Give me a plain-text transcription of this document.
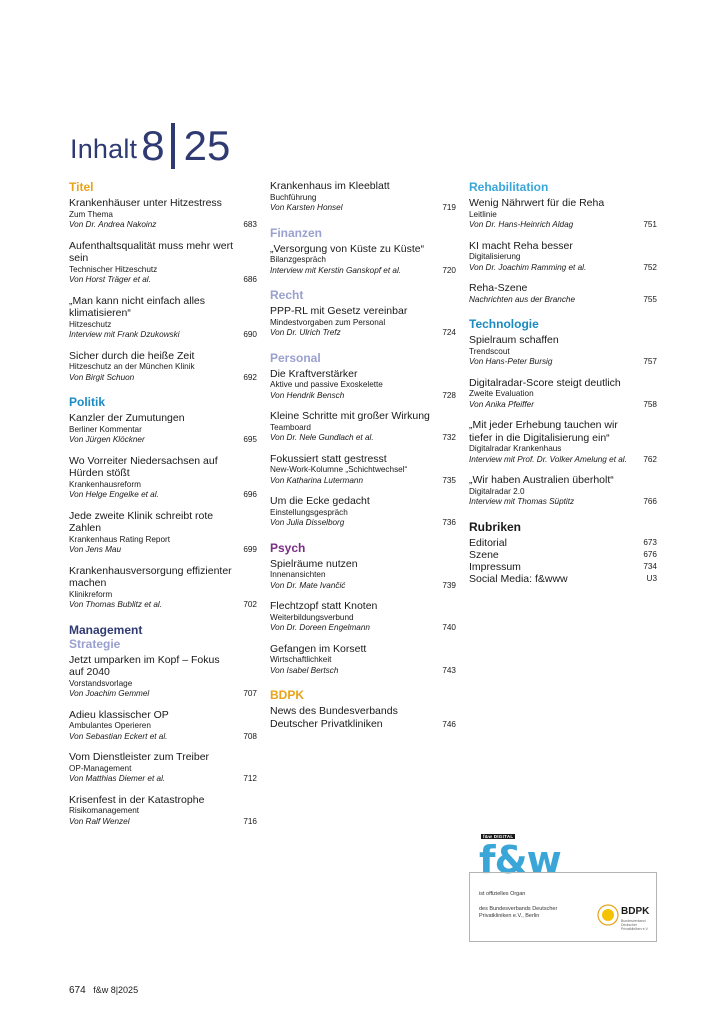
Inhalt 8 25
Titel
Krankenhäuser unter Hitzestress
Zum Thema
Von Dr. Andrea Nakoinz	683
Aufenthaltsqualität muss mehr wert sein
Technischer Hitzeschutz
Von Horst Träger et al.	686
„Man kann nicht einfach alles klimatisieren“
Hitzeschutz
Interview mit Frank Dzukowski	690
Sicher durch die heiße Zeit
Hitzeschutz an der München Klinik
Von Birgit Schuon	692
Politik
Kanzler der Zumutungen
Berliner Kommentar
Von Jürgen Klöckner	695
Wo Vorreiter Niedersachsen auf Hürden stößt
Krankenhausreform
Von Helge Engelke et al.	696
Jede zweite Klinik schreibt rote Zahlen
Krankenhaus Rating Report
Von Jens Mau	699
Krankenhausversorgung effizienter machen
Klinikreform
Von Thomas Bublitz et al.	702
Management
Strategie
Jetzt umparken im Kopf – Fokus auf 2040
Vorstandsvorlage
Von Joachim Gemmel	707
Adieu klassischer OP
Ambulantes Operieren
Von Sebastian Eckert et al.	708
Vom Dienstleister zum Treiber
OP-Management
Von Matthias Diemer et al.	712
Krisenfest in der Katastrophe
Risikomanagement
Von Ralf Wenzel	716
Krankenhaus im Kleeblatt
Buchführung
Von Karsten Honsel	719
Finanzen
„Versorgung von Küste zu Küste“
Bilanzgespräch
Interview mit Kerstin Ganskopf et al.	720
Recht
PPP-RL mit Gesetz vereinbar
Mindestvorgaben zum Personal
Von Dr. Ulrich Trefz	724
Personal
Die Kraftverstärker
Aktive und passive Exoskelette
Von Hendrik Bensch	728
Kleine Schritte mit großer Wirkung
Teamboard
Von Dr. Nele Gundlach et al.	732
Fokussiert statt gestresst
New-Work-Kolumne „Schichtwechsel“
Von Katharina Lutermann	735
Um die Ecke gedacht
Einstellungsgespräch
Von Julia Disselborg	736
Psych
Spielräume nutzen
Innenansichten
Von Dr. Mate Ivančić	739
Flechtzopf statt Knoten
Weiterbildungsverbund
Von Dr. Doreen Engelmann	740
Gefangen im Korsett
Wirtschaftlichkeit
Von Isabel Bertsch	743
BDPK
News des Bundesverbands Deutscher Privatkliniken	746
Rehabilitation
Wenig Nährwert für die Reha
Leitlinie
Von Dr. Hans-Heinrich Aldag	751
KI macht Reha besser
Digitalisierung
Von Dr. Joachim Ramming et al.	752
Reha-Szene
Nachrichten aus der Branche	755
Technologie
Spielraum schaffen
Trendscout
Von Hans-Peter Bursig	757
Digitalradar-Score steigt deutlich
Zweite Evaluation
Von Anika Pfeiffer	758
„Mit jeder Erhebung tauchen wir tiefer in die Digitalisierung ein“
Digitalradar Krankenhaus
Interview mit Prof. Dr. Volker Amelung et al.	762
„Wir haben Australien überholt“
Digitalradar 2.0
Interview mit Thomas Süptitz	766
Rubriken
Editorial	673
Szene	676
Impressum	734
Social Media: f&www	U3
f&w DIGITAL
f&w
ist offizielles Organ
des Bundesverbands Deutscher Privatkliniken e.V., Berlin	BDPK
Bundesverband Deutscher Privatkliniken e.V.
674 f&w 8|2025
